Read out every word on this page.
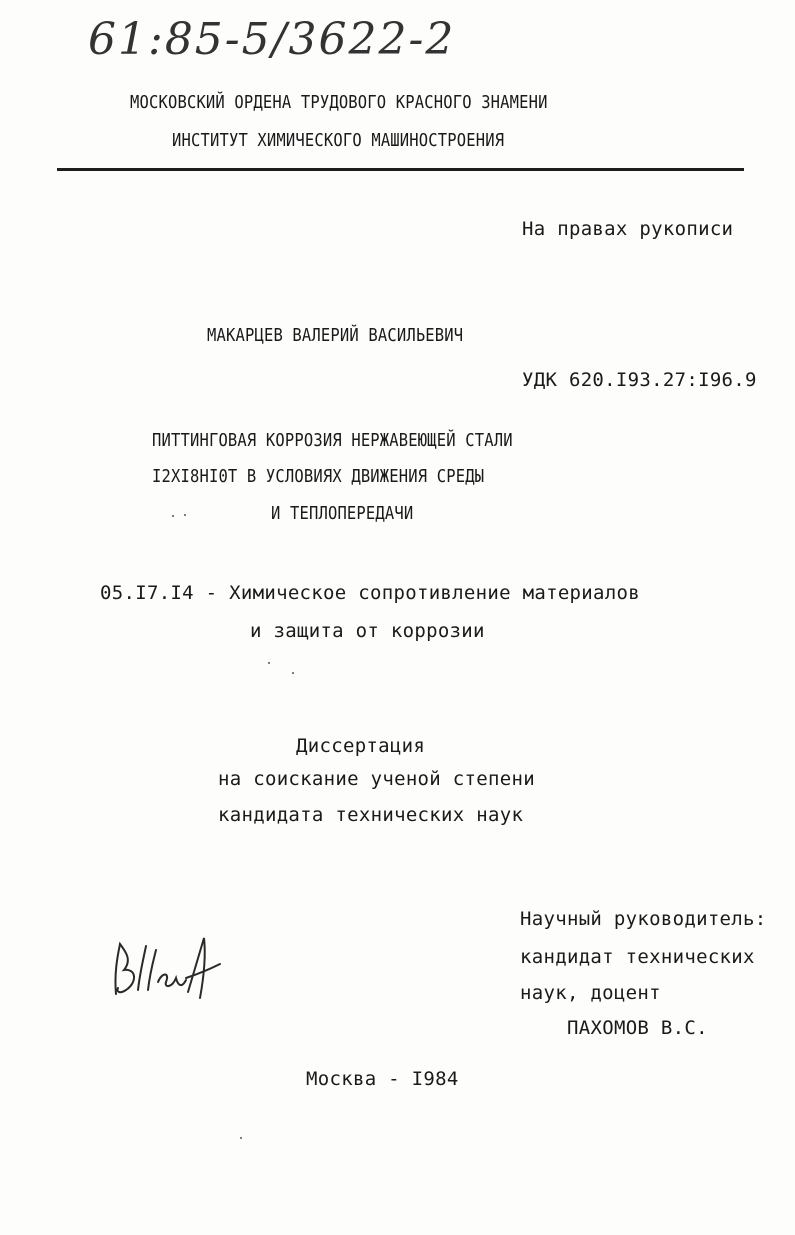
61:85-5/3622-2
МОСКОВСКИЙ ОРДЕНА ТРУДОВОГО КРАСНОГО ЗНАМЕНИ
ИНСТИТУТ ХИМИЧЕСКОГО МАШИНОСТРОЕНИЯ
На правах рукописи
МАКАРЦЕВ ВАЛЕРИЙ ВАСИЛЬЕВИЧ
УДК 620.I93.27:I96.9
ПИТТИНГОВАЯ КОРРОЗИЯ НЕРЖАВЕЮЩЕЙ СТАЛИ
I2XI8HI0T В УСЛОВИЯХ ДВИЖЕНИЯ СРЕДЫ
И ТЕПЛОПЕРЕДАЧИ
05.I7.I4 - Химическое сопротивление материалов
и защита от коррозии
Диссертация
на соискание ученой степени
кандидата технических наук
Научный руководитель:
кандидат технических
наук, доцент
ПАХОМОВ В.С.
Москва - I984
